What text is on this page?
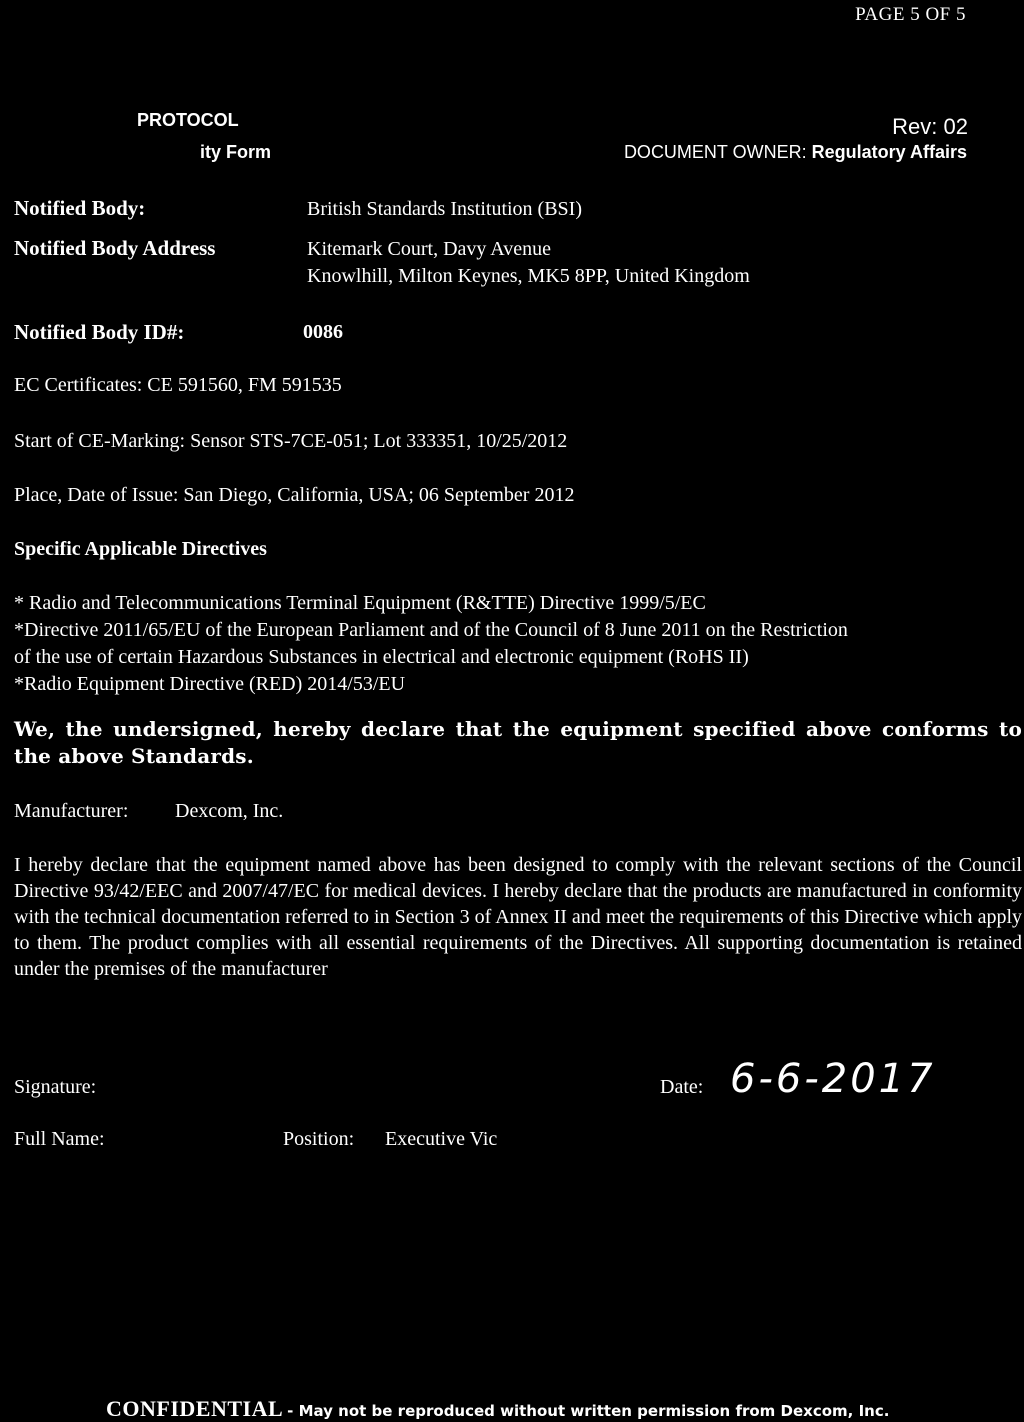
PAGE 5 OF 5
PROTOCOL	Rev: 02
ity Form	DOCUMENT OWNER: Regulatory Affairs
Notified Body:	British Standards Institution (BSI)
Notified Body Address	Kitemark Court, Davy Avenue
Knowlhill, Milton Keynes, MK5 8PP, United Kingdom
Notified Body ID#:	0086
EC Certificates: CE 591560, FM 591535
Start of CE-Marking: Sensor STS-7CE-051; Lot 333351, 10/25/2012
Place, Date of Issue: San Diego, California, USA; 06 September 2012
Specific Applicable Directives
* Radio and Telecommunications Terminal Equipment (R&TTE) Directive 1999/5/EC
*Directive 2011/65/EU of the European Parliament and of the Council of 8 June 2011 on the Restriction
of the use of certain Hazardous Substances in electrical and electronic equipment (RoHS II)
*Radio Equipment Directive (RED) 2014/53/EU
We, the undersigned, hereby declare that the equipment specified above conforms to the above Standards.
Manufacturer: Dexcom, Inc.
I hereby declare that the equipment named above has been designed to comply with the relevant sections of the Council Directive 93/42/EEC and 2007/47/EC for medical devices. I hereby declare that the products are manufactured in conformity with the technical documentation referred to in Section 3 of Annex II and meet the requirements of this Directive which apply to them. The product complies with all essential requirements of the Directives. All supporting documentation is retained under the premises of the manufacturer
Signature:	Date: 6-6-2017
Full Name:	Position: Executive Vic
CONFIDENTIAL - May not be reproduced without written permission from Dexcom, Inc.
